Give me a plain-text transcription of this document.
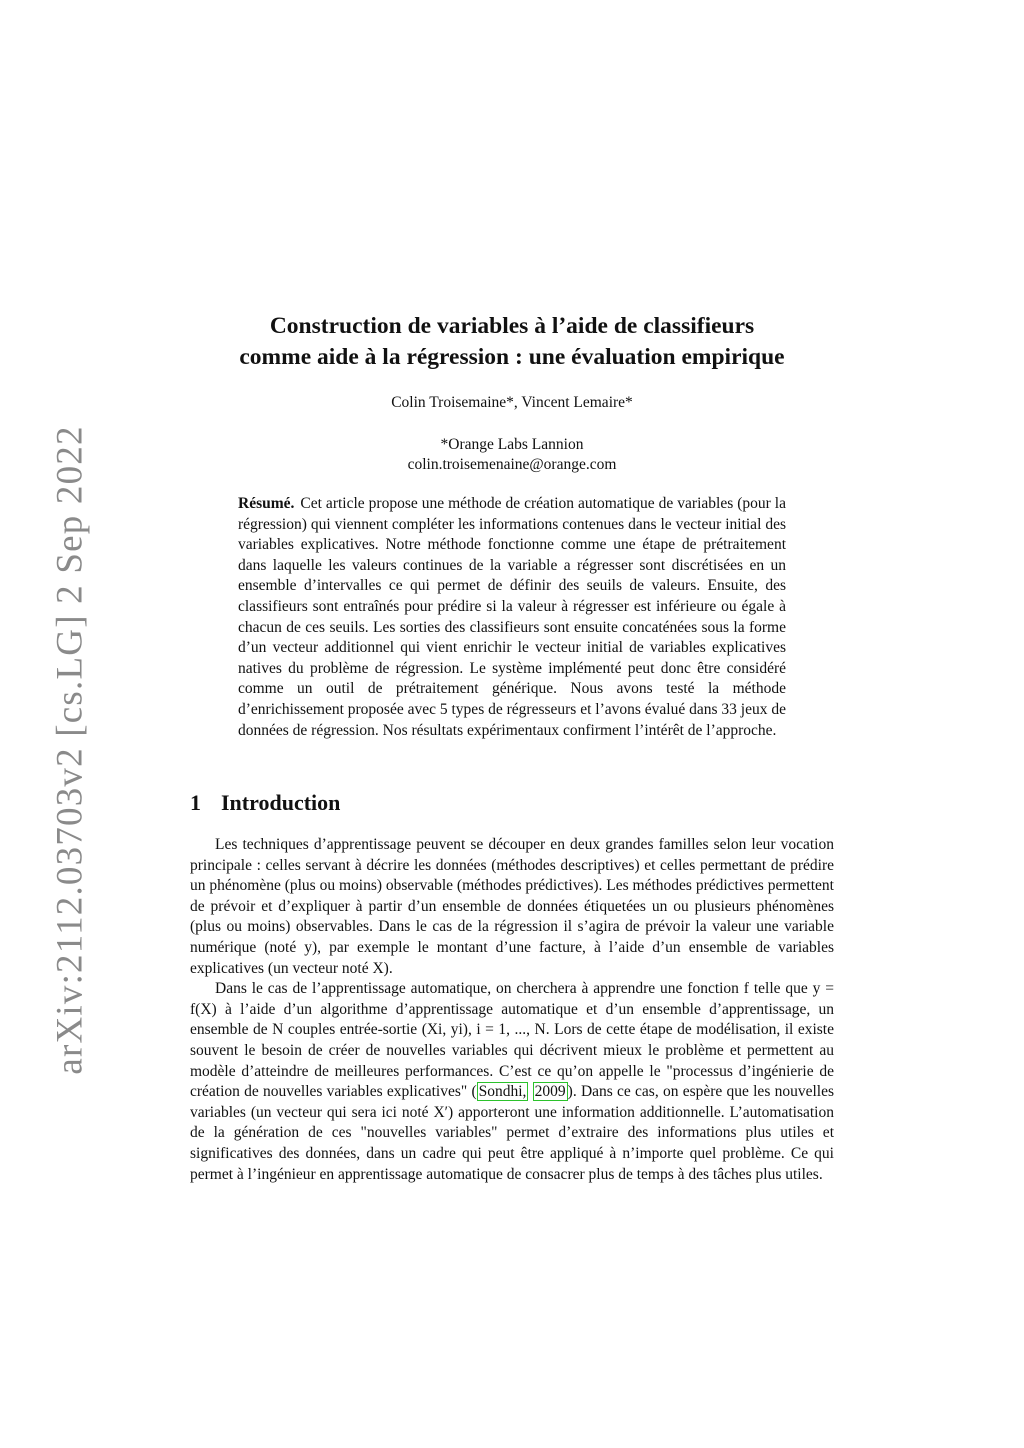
arXiv:2112.03703v2 [cs.LG] 2 Sep 2022
Construction de variables à l’aide de classifieurs
comme aide à la régression : une évaluation empirique
Colin Troisemaine*, Vincent Lemaire*
*Orange Labs Lannion
colin.troisemenaine@orange.com
Résumé. Cet article propose une méthode de création automatique de variables (pour la régression) qui viennent compléter les informations contenues dans le vecteur initial des variables explicatives. Notre méthode fonctionne comme une étape de prétraitement dans laquelle les valeurs continues de la variable a régresser sont discrétisées en un ensemble d’intervalles ce qui permet de définir des seuils de valeurs. Ensuite, des classifieurs sont entraînés pour prédire si la valeur à régresser est inférieure ou égale à chacun de ces seuils. Les sorties des classifieurs sont ensuite concaténées sous la forme d’un vecteur additionnel qui vient enrichir le vecteur initial de variables explicatives natives du problème de régression. Le système implémenté peut donc être considéré comme un outil de prétraitement générique. Nous avons testé la méthode d’enrichissement proposée avec 5 types de régresseurs et l’avons évalué dans 33 jeux de données de régression. Nos résultats expérimentaux confirment l’intérêt de l’approche.
1 Introduction

Les techniques d’apprentissage peuvent se découper en deux grandes familles selon leur vocation principale : celles servant à décrire les données (méthodes descriptives) et celles permettant de prédire un phénomène (plus ou moins) observable (méthodes prédictives). Les méthodes prédictives permettent de prévoir et d’expliquer à partir d’un ensemble de données étiquetées un ou plusieurs phénomènes (plus ou moins) observables. Dans le cas de la régression il s’agira de prévoir la valeur une variable numérique (noté y), par exemple le montant d’une facture, à l’aide d’un ensemble de variables explicatives (un vecteur noté X).

Dans le cas de l’apprentissage automatique, on cherchera à apprendre une fonction f telle que y = f(X) à l’aide d’un algorithme d’apprentissage automatique et d’un ensemble d’apprentissage, un ensemble de N couples entrée-sortie (Xi, yi), i = 1, ..., N. Lors de cette étape de modélisation, il existe souvent le besoin de créer de nouvelles variables qui décrivent mieux le problème et permettent au modèle d’atteindre de meilleures performances. C’est ce qu’on appelle le "processus d’ingénierie de création de nouvelles variables explicatives" ( Sondhi, 2009 ). Dans ce cas, on espère que les nouvelles variables (un vecteur qui sera ici noté X′) apporteront une information additionnelle. L’automatisation de la génération de ces "nouvelles variables" permet d’extraire des informations plus utiles et significatives des données, dans un cadre qui peut être appliqué à n’importe quel problème. Ce qui permet à l’ingénieur en apprentissage automatique de consacrer plus de temps à des tâches plus utiles.
